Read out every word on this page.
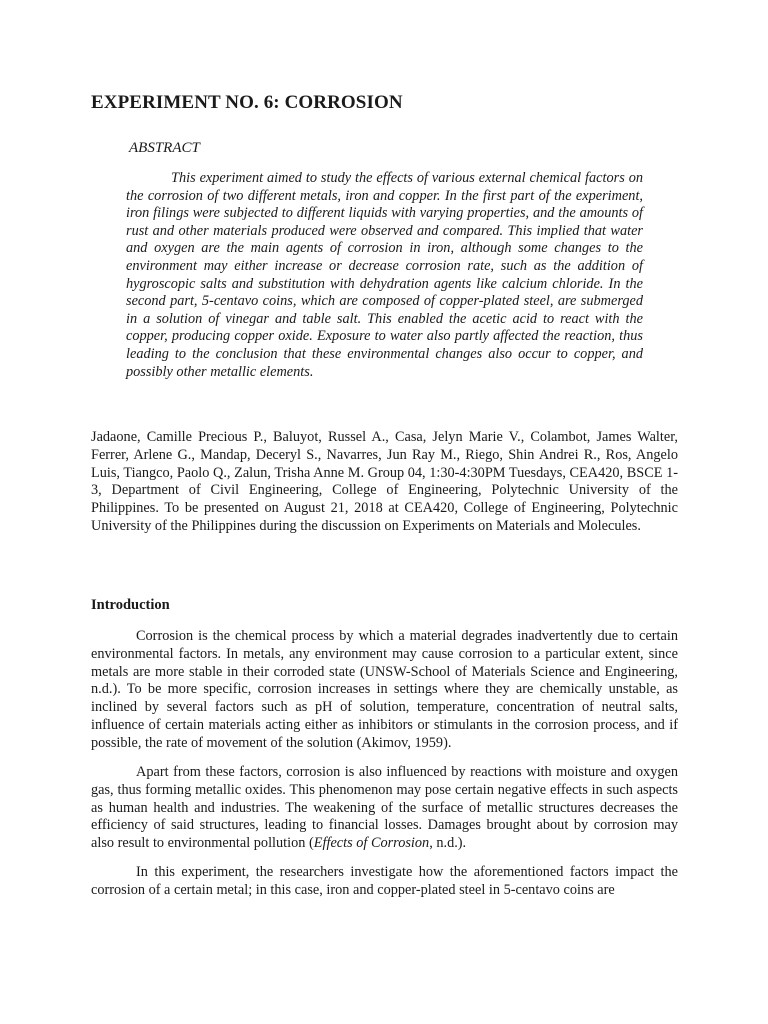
EXPERIMENT NO. 6: CORROSION
ABSTRACT

This experiment aimed to study the effects of various external chemical factors on the corrosion of two different metals, iron and copper. In the first part of the experiment, iron filings were subjected to different liquids with varying properties, and the amounts of rust and other materials produced were observed and compared. This implied that water and oxygen are the main agents of corrosion in iron, although some changes to the environment may either increase or decrease corrosion rate, such as the addition of hygroscopic salts and substitution with dehydration agents like calcium chloride. In the second part, 5-centavo coins, which are composed of copper-plated steel, are submerged in a solution of vinegar and table salt. This enabled the acetic acid to react with the copper, producing copper oxide. Exposure to water also partly affected the reaction, thus leading to the conclusion that these environmental changes also occur to copper, and possibly other metallic elements.

Jadaone, Camille Precious P., Baluyot, Russel A., Casa, Jelyn Marie V., Colambot, James Walter, Ferrer, Arlene G., Mandap, Deceryl S., Navarres, Jun Ray M., Riego, Shin Andrei R., Ros, Angelo Luis, Tiangco, Paolo Q., Zalun, Trisha Anne M. Group 04, 1:30-4:30PM Tuesdays, CEA420, BSCE 1-3, Department of Civil Engineering, College of Engineering, Polytechnic University of the Philippines. To be presented on August 21, 2018 at CEA420, College of Engineering, Polytechnic University of the Philippines during the discussion on Experiments on Materials and Molecules.

Introduction

Corrosion is the chemical process by which a material degrades inadvertently due to certain environmental factors. In metals, any environment may cause corrosion to a particular extent, since metals are more stable in their corroded state (UNSW-School of Materials Science and Engineering, n.d.). To be more specific, corrosion increases in settings where they are chemically unstable, as inclined by several factors such as pH of solution, temperature, concentration of neutral salts, influence of certain materials acting either as inhibitors or stimulants in the corrosion process, and if possible, the rate of movement of the solution (Akimov, 1959).

Apart from these factors, corrosion is also influenced by reactions with moisture and oxygen gas, thus forming metallic oxides. This phenomenon may pose certain negative effects in such aspects as human health and industries. The weakening of the surface of metallic structures decreases the efficiency of said structures, leading to financial losses. Damages brought about by corrosion may also result to environmental pollution (Effects of Corrosion, n.d.).

In this experiment, the researchers investigate how the aforementioned factors impact the corrosion of a certain metal; in this case, iron and copper-plated steel in 5-centavo coins are
